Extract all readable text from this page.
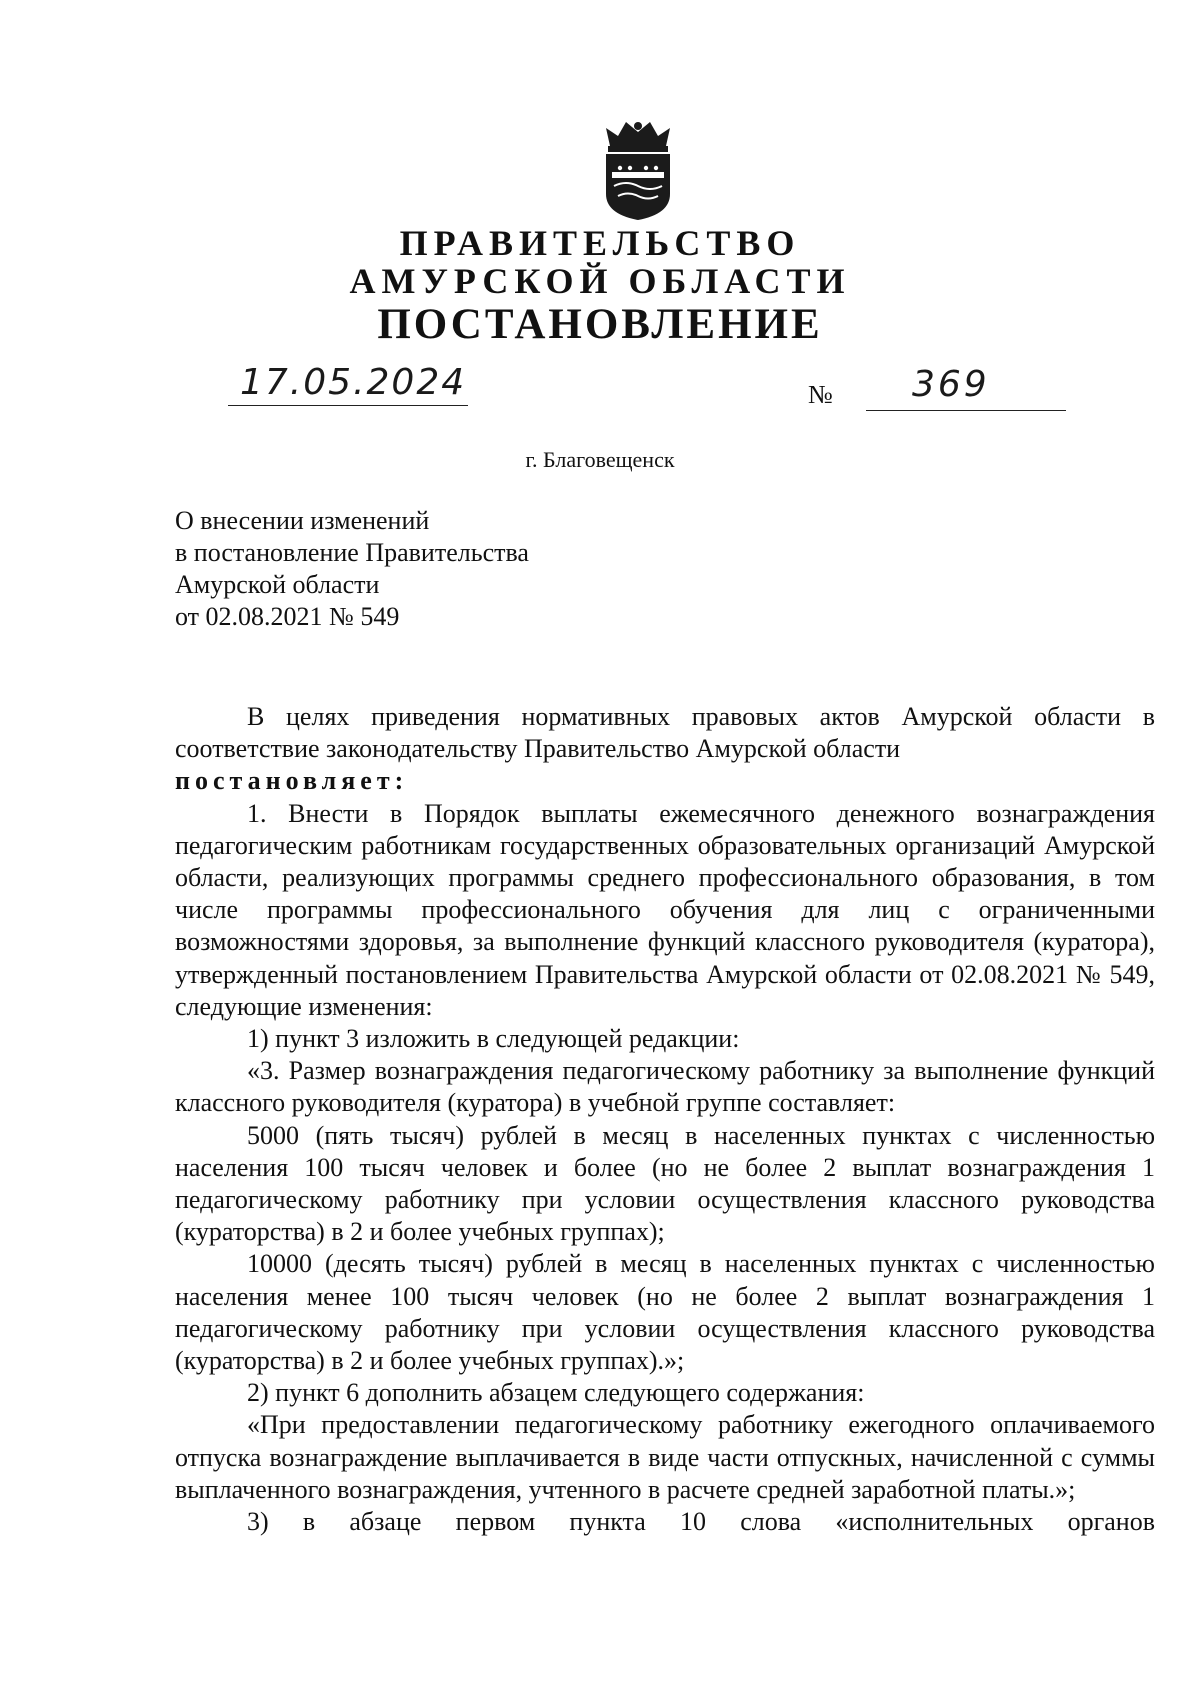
ПРАВИТЕЛЬСТВО
АМУРСКОЙ ОБЛАСТИ
ПОСТАНОВЛЕНИЕ
17.05.2024	№ 369
г. Благовещенск
О внесении изменений
в постановление Правительства
Амурской области
от 02.08.2021 № 549

В целях приведения нормативных правовых актов Амурской области в соответствие законодательству Правительство Амурской области

постановляет:

1. Внести в Порядок выплаты ежемесячного денежного вознаграждения педагогическим работникам государственных образовательных организаций Амурской области, реализующих программы среднего профессионального образования, в том числе программы профессионального обучения для лиц с ограниченными возможностями здоровья, за выполнение функций классного руководителя (куратора), утвержденный постановлением Правительства Амурской области от 02.08.2021 № 549, следующие изменения:

1) пункт 3 изложить в следующей редакции:

«3. Размер вознаграждения педагогическому работнику за выполнение функций классного руководителя (куратора) в учебной группе составляет:

5000 (пять тысяч) рублей в месяц в населенных пунктах с численностью населения 100 тысяч человек и более (но не более 2 выплат вознаграждения 1 педагогическому работнику при условии осуществления классного руководства (кураторства) в 2 и более учебных группах);

10000 (десять тысяч) рублей в месяц в населенных пунктах с численностью населения менее 100 тысяч человек (но не более 2 выплат вознаграждения 1 педагогическому работнику при условии осуществления классного руководства (кураторства) в 2 и более учебных группах).»;

2) пункт 6 дополнить абзацем следующего содержания:

«При предоставлении педагогическому работнику ежегодного оплачиваемого отпуска вознаграждение выплачивается в виде части отпускных, начисленной с суммы выплаченного вознаграждения, учтенного в расчете средней заработной платы.»;

3) в абзаце первом пункта 10 слова «исполнительных органов
